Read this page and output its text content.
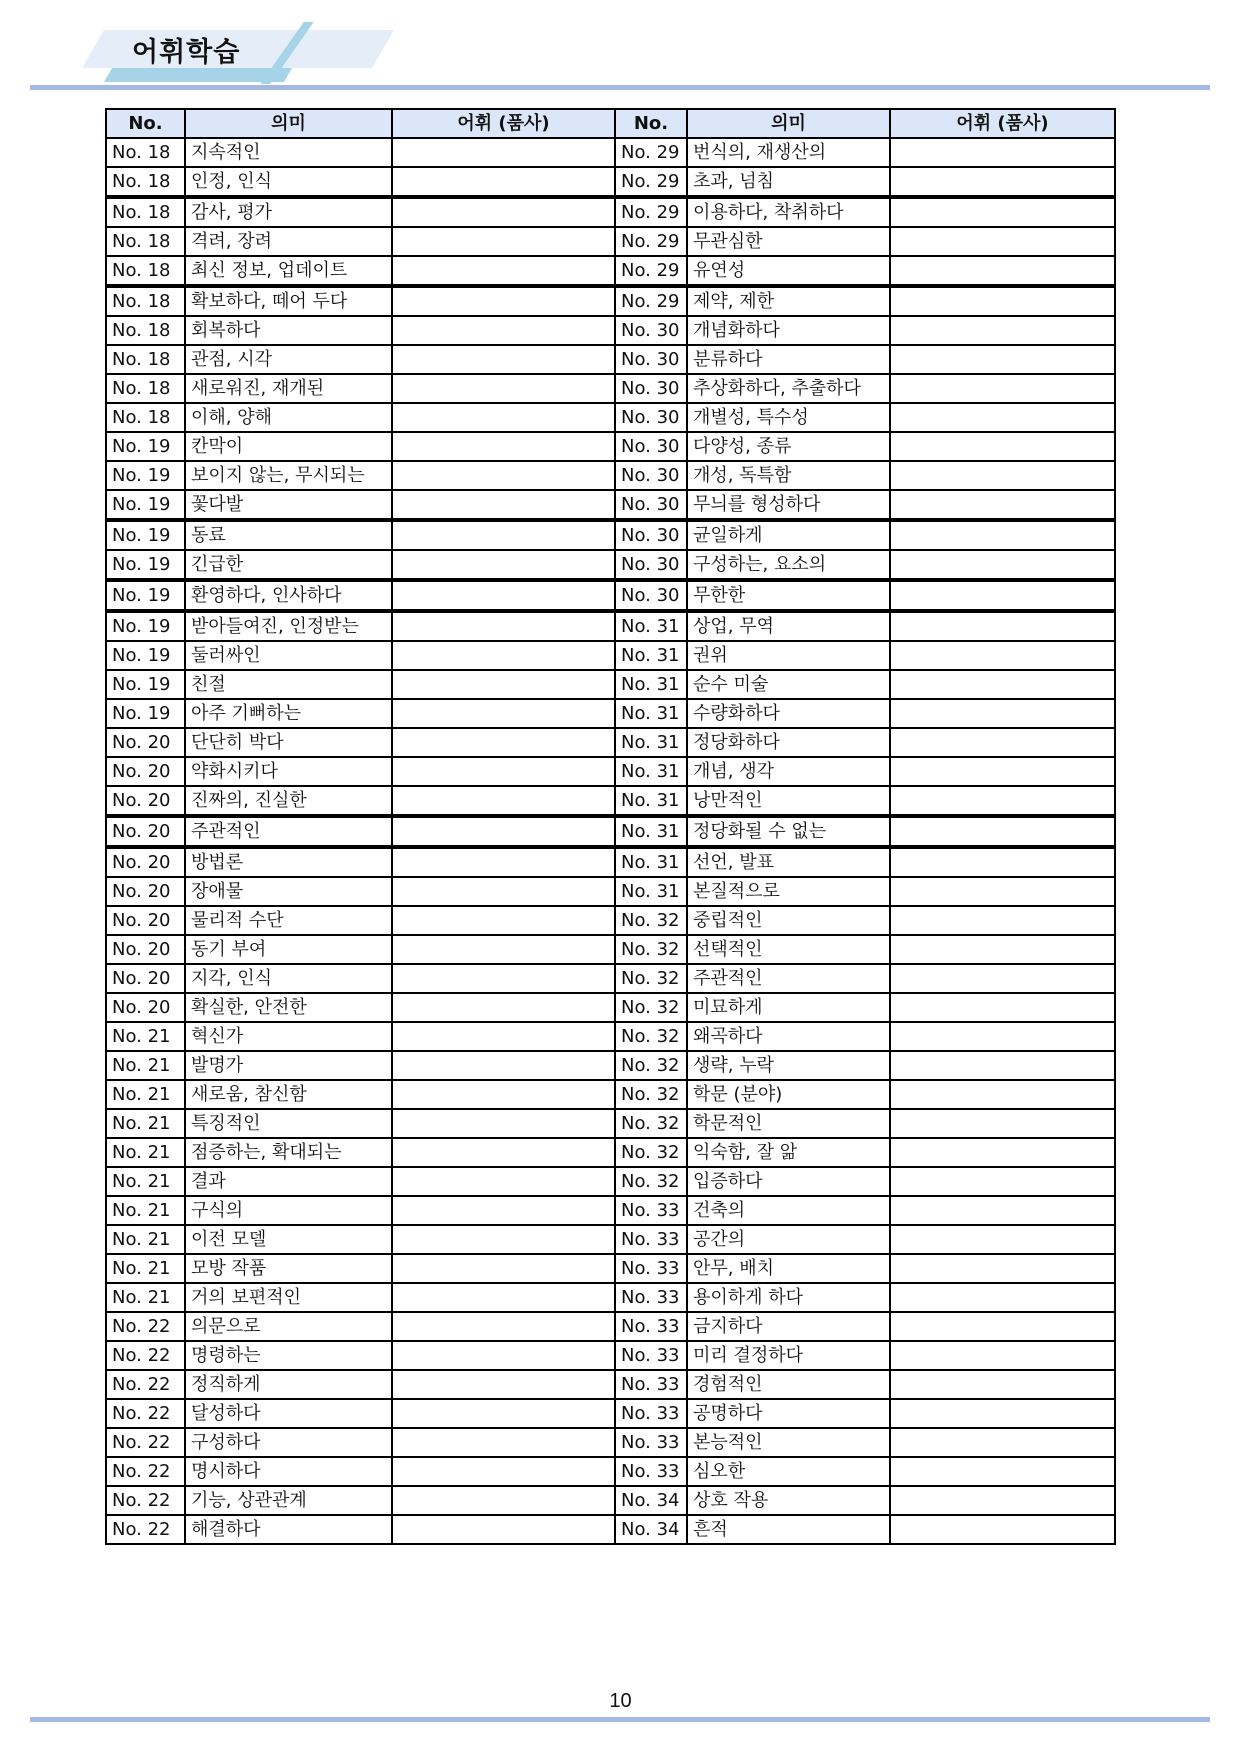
어휘학습
No.	의미	어휘 (품사)	No.	의미	어휘 (품사)
No. 18	지속적인		No. 29	번식의, 재생산의	
No. 18	인정, 인식		No. 29	초과, 넘침	
No. 18	감사, 평가		No. 29	이용하다, 착취하다	
No. 18	격려, 장려		No. 29	무관심한	
No. 18	최신 정보, 업데이트		No. 29	유연성	
No. 18	확보하다, 떼어 두다		No. 29	제약, 제한	
No. 18	회복하다		No. 30	개념화하다	
No. 18	관점, 시각		No. 30	분류하다	
No. 18	새로워진, 재개된		No. 30	추상화하다, 추출하다	
No. 18	이해, 양해		No. 30	개별성, 특수성	
No. 19	칸막이		No. 30	다양성, 종류	
No. 19	보이지 않는, 무시되는		No. 30	개성, 독특함	
No. 19	꽃다발		No. 30	무늬를 형성하다	
No. 19	동료		No. 30	균일하게	
No. 19	긴급한		No. 30	구성하는, 요소의	
No. 19	환영하다, 인사하다		No. 30	무한한	
No. 19	받아들여진, 인정받는		No. 31	상업, 무역	
No. 19	둘러싸인		No. 31	권위	
No. 19	친절		No. 31	순수 미술	
No. 19	아주 기뻐하는		No. 31	수량화하다	
No. 20	단단히 박다		No. 31	정당화하다	
No. 20	약화시키다		No. 31	개념, 생각	
No. 20	진짜의, 진실한		No. 31	낭만적인	
No. 20	주관적인		No. 31	정당화될 수 없는	
No. 20	방법론		No. 31	선언, 발표	
No. 20	장애물		No. 31	본질적으로	
No. 20	물리적 수단		No. 32	중립적인	
No. 20	동기 부여		No. 32	선택적인	
No. 20	지각, 인식		No. 32	주관적인	
No. 20	확실한, 안전한		No. 32	미묘하게	
No. 21	혁신가		No. 32	왜곡하다	
No. 21	발명가		No. 32	생략, 누락	
No. 21	새로움, 참신함		No. 32	학문 (분야)	
No. 21	특징적인		No. 32	학문적인	
No. 21	점증하는, 확대되는		No. 32	익숙함, 잘 앎	
No. 21	결과		No. 32	입증하다	
No. 21	구식의		No. 33	건축의	
No. 21	이전 모델		No. 33	공간의	
No. 21	모방 작품		No. 33	안무, 배치	
No. 21	거의 보편적인		No. 33	용이하게 하다	
No. 22	의문으로		No. 33	금지하다	
No. 22	명령하는		No. 33	미리 결정하다	
No. 22	정직하게		No. 33	경험적인	
No. 22	달성하다		No. 33	공명하다	
No. 22	구성하다		No. 33	본능적인	
No. 22	명시하다		No. 33	심오한	
No. 22	기능, 상관관계		No. 34	상호 작용	
No. 22	해결하다		No. 34	흔적	
10
